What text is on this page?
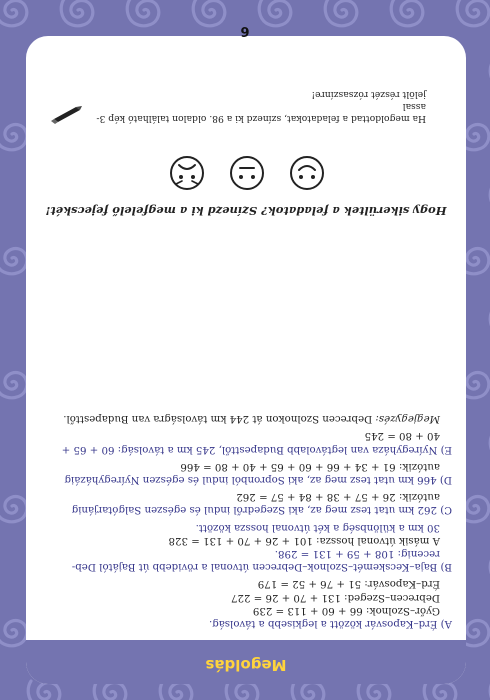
Megoldás

A) Érd–Kaposvár között a legkisebb a távolság.

Győr–Szolnok: 66 + 60 + 113 = 239

Debrecen–Szeged: 131 + 70 + 26 = 227

Érd–Kaposvár: 51 + 76 + 52 = 179

B) Baja–Kecskemét–Szolnok–Debrecen útvonal a rövidebb út Bajától Deb-

recenig: 108 + 59 + 131 = 298.

A másik útvonal hossza: 101 + 26 + 70 + 131 = 328

30 km a különbség a két útvonal hossza között.

C) 262 km utat tesz meg az, aki Szegedről indul és egészen Salgótarjánig

autózik: 26 + 57 + 38 + 84 + 57 = 262

D) 466 km utat tesz meg az, aki Sopronból indul és egészen Nyíregyházáig

autózik: 61 + 34 + 66 + 60 + 65 + 40 + 80 = 466

E) Nyíregyháza van legtávolabb Budapesttől, 245 km a távolság: 60 + 65 +

40 + 80 = 245

Megjegyzés: Debrecen Szolnokon át 244 km távolságra van Budapesttől.

Hogy sikerültek a feladatok? Színezd ki a megfelelő fejecskét!

Ha megoldottad a feladatokat, színezd ki a 98. oldalon található kép 3-assal

jelölt részét rózsaszínre!

6
